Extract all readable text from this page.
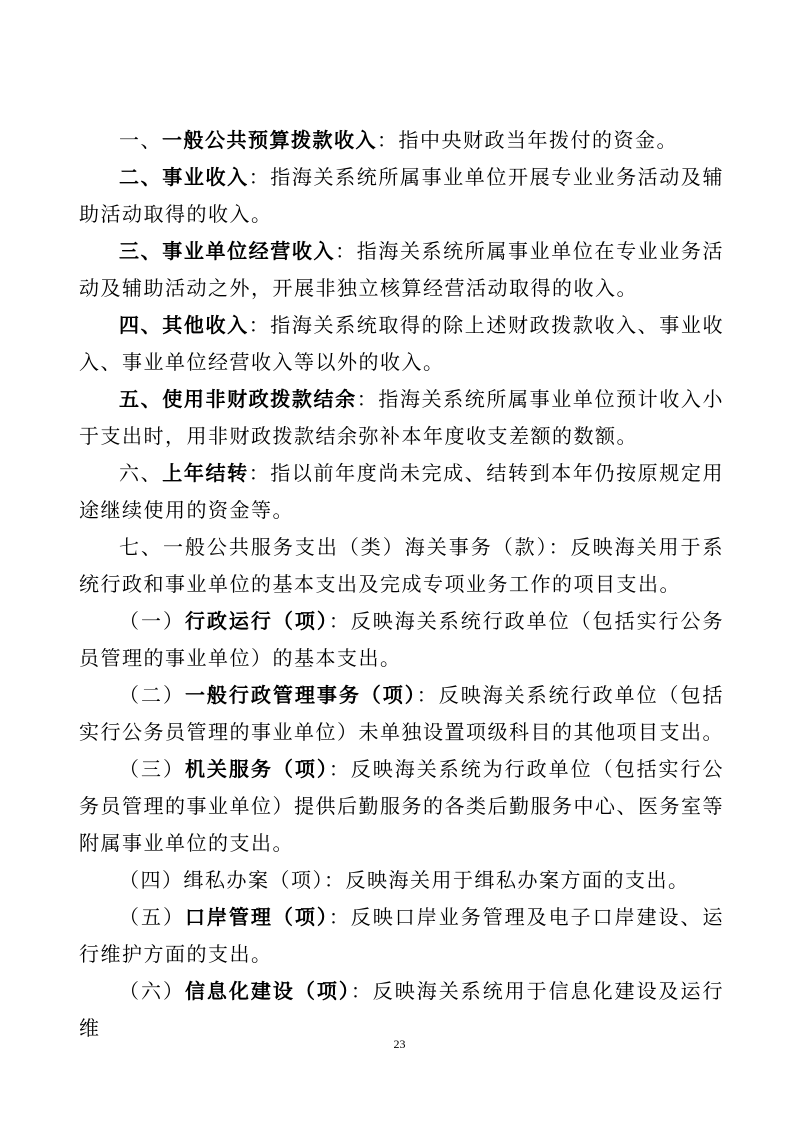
一、一般公共预算拨款收入：指中央财政当年拨付的资金。

二、事业收入：指海关系统所属事业单位开展专业业务活动及辅助活动取得的收入。

三、事业单位经营收入：指海关系统所属事业单位在专业业务活动及辅助活动之外，开展非独立核算经营活动取得的收入。

四、其他收入：指海关系统取得的除上述财政拨款收入、事业收入、事业单位经营收入等以外的收入。

五、使用非财政拨款结余：指海关系统所属事业单位预计收入小于支出时，用非财政拨款结余弥补本年度收支差额的数额。

六、上年结转：指以前年度尚未完成、结转到本年仍按原规定用途继续使用的资金等。

七、一般公共服务支出（类）海关事务（款）：反映海关用于系统行政和事业单位的基本支出及完成专项业务工作的项目支出。

（一）行政运行（项）：反映海关系统行政单位（包括实行公务员管理的事业单位）的基本支出。

（二）一般行政管理事务（项）：反映海关系统行政单位（包括实行公务员管理的事业单位）未单独设置项级科目的其他项目支出。

（三）机关服务（项）：反映海关系统为行政单位（包括实行公务员管理的事业单位）提供后勤服务的各类后勤服务中心、医务室等附属事业单位的支出。

（四）缉私办案（项）：反映海关用于缉私办案方面的支出。

（五）口岸管理（项）：反映口岸业务管理及电子口岸建设、运行维护方面的支出。

（六）信息化建设（项）：反映海关系统用于信息化建设及运行维

23
